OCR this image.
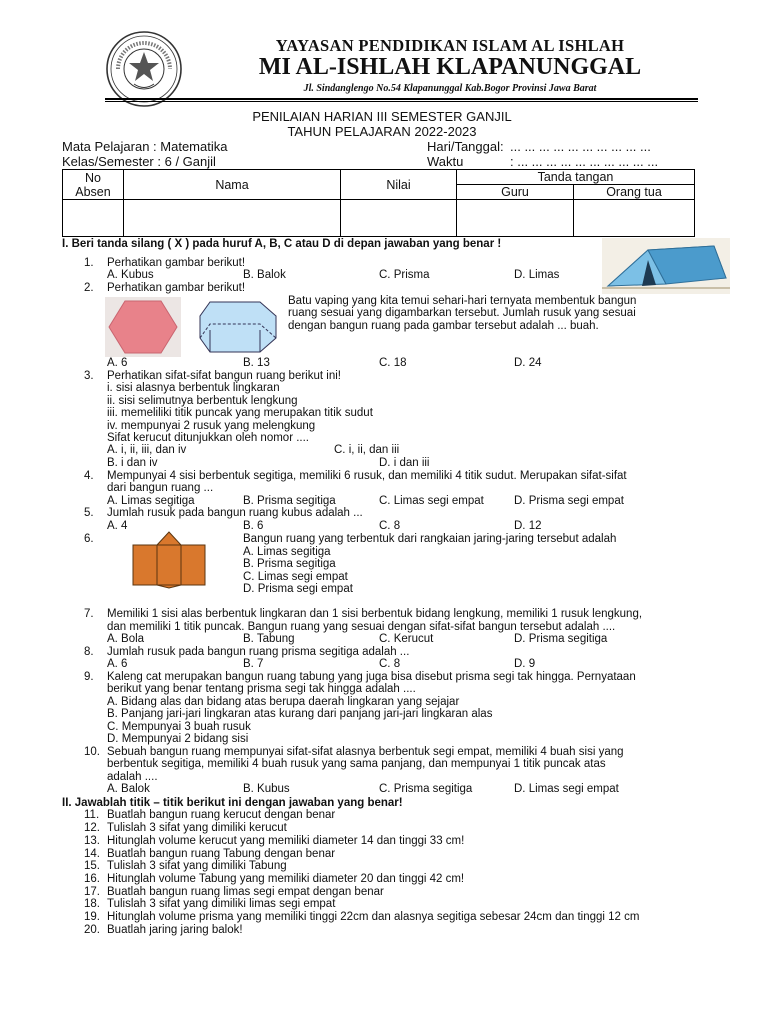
YAYASAN PENDIDIKAN ISLAM AL ISHLAH
MI AL-ISHLAH KLAPANUNGGAL
Jl. Sindanglengo No.54 Klapanunggal Kab.Bogor Provinsi Jawa Barat
PENILAIAN HARIAN III SEMESTER GANJIL
TAHUN PELAJARAN 2022-2023
Mata Pelajaran : Matematika
Kelas/Semester : 6 / Ganjil
Hari/Tanggal: ... ... ... ... ... ... ... ... ... ...
Waktu	: ... ... ... ... ... ... ... ... ... ...
No
Absen	Nama	Nilai	Tanda tangan	
			Guru	Orang tua

I. Beri tanda silang ( X ) pada huruf A, B, C atau D di depan jawaban yang benar !
1. Perhatikan gambar berikut!
A. Kubus	B. Balok	C. Prisma	D. Limas
2. Perhatikan gambar berikut!
Batu vaping yang kita temui sehari-hari ternyata membentuk bangun
ruang sesuai yang digambarkan tersebut. Jumlah rusuk yang sesuai
dengan bangun ruang pada gambar tersebut adalah ... buah.
A. 6	B. 13	C. 18	D. 24
3. Perhatikan sifat-sifat bangun ruang berikut ini!
i. sisi alasnya berbentuk lingkaran
ii. sisi selimutnya berbentuk lengkung
iii. memeliliki titik puncak yang merupakan titik sudut
iv. mempunyai 2 rusuk yang melengkung
Sifat kerucut ditunjukkan oleh nomor ....
A. i, ii, iii, dan iv	C. i, ii, dan iii
B. i dan iv	D. i dan iii
4. Mempunyai 4 sisi berbentuk segitiga, memiliki 6 rusuk, dan memiliki 4 titik sudut. Merupakan sifat-sifat
dari bangun ruang ...
A. Limas segitiga	B. Prisma segitiga	C. Limas segi empat	D. Prisma segi empat
5. Jumlah rusuk pada bangun ruang kubus adalah ...
A. 4	B. 6	C. 8	D. 12
6.	Bangun ruang yang terbentuk dari rangkaian jaring-jaring tersebut adalah
A. Limas segitiga
B. Prisma segitiga
C. Limas segi empat
D. Prisma segi empat
7. Memiliki 1 sisi alas berbentuk lingkaran dan 1 sisi berbentuk bidang lengkung, memiliki 1 rusuk lengkung,
dan memiliki 1 titik puncak. Bangun ruang yang sesuai dengan sifat-sifat bangun tersebut adalah ....
A. Bola	B. Tabung	C. Kerucut	D. Prisma segitiga
8. Jumlah rusuk pada bangun ruang prisma segitiga adalah ...
A. 6	B. 7	C. 8	D. 9
9. Kaleng cat merupakan bangun ruang tabung yang juga bisa disebut prisma segi tak hingga. Pernyataan
berikut yang benar tentang prisma segi tak hingga adalah ....
A. Bidang alas dan bidang atas berupa daerah lingkaran yang sejajar
B. Panjang jari-jari lingkaran atas kurang dari panjang jari-jari lingkaran alas
C. Mempunyai 3 buah rusuk
D. Mempunyai 2 bidang sisi
10. Sebuah bangun ruang mempunyai sifat-sifat alasnya berbentuk segi empat, memiliki 4 buah sisi yang
berbentuk segitiga, memiliki 4 buah rusuk yang sama panjang, dan mempunyai 1 titik puncak atas
adalah ....
A. Balok	B. Kubus	C. Prisma segitiga	D. Limas segi empat
II. Jawablah titik – titik berikut ini dengan jawaban yang benar!
11. Buatlah bangun ruang kerucut dengan benar
12. Tulislah 3 sifat yang dimiliki kerucut
13. Hitunglah volume kerucut yang memiliki diameter 14 dan tinggi 33 cm!
14. Buatlah bangun ruang Tabung dengan benar
15. Tulislah 3 sifat yang dimiliki Tabung
16. Hitunglah volume Tabung yang memiliki diameter 20 dan tinggi 42 cm!
17. Buatlah bangun ruang limas segi empat dengan benar
18. Tulislah 3 sifat yang dimiliki limas segi empat
19. Hitunglah volume prisma yang memiliki tinggi 22cm dan alasnya segitiga sebesar 24cm dan tinggi 12 cm
20. Buatlah jaring jaring balok!
